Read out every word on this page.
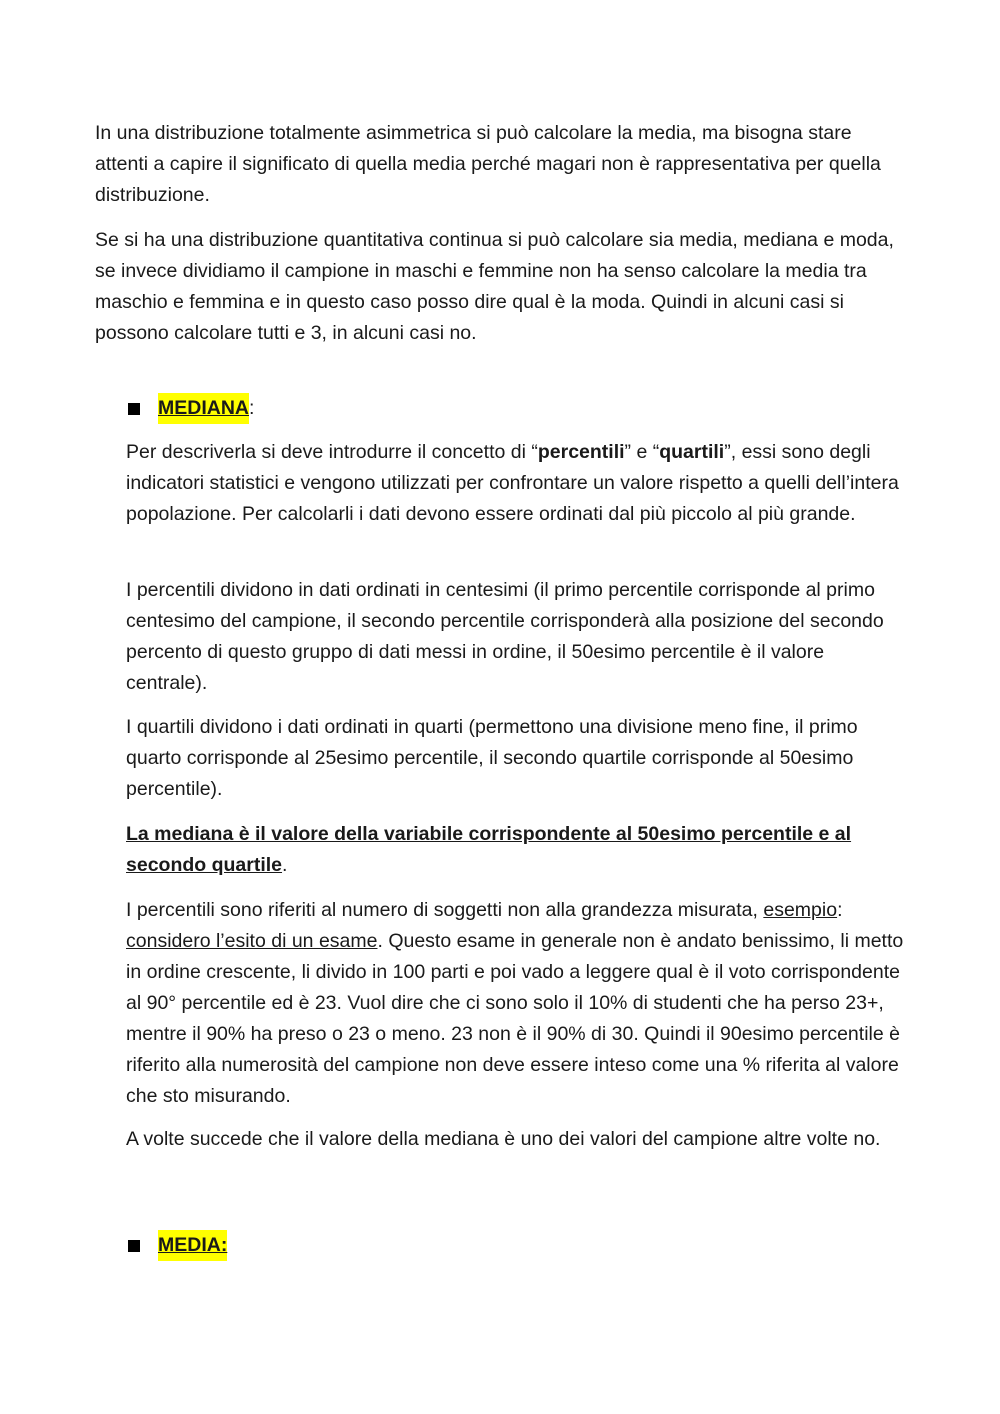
In una distribuzione totalmente asimmetrica si può calcolare la media, ma bisogna stare attenti a capire il significato di quella media perché magari non è rappresentativa per quella distribuzione.

Se si ha una distribuzione quantitativa continua si può calcolare sia media, mediana e moda, se invece dividiamo il campione in maschi e femmine non ha senso calcolare la media tra maschio e femmina e in questo caso posso dire qual è la moda. Quindi in alcuni casi si possono calcolare tutti e 3, in alcuni casi no.

MEDIANA :

Per descriverla si deve introdurre il concetto di “percentili” e “quartili”, essi sono degli indicatori statistici e vengono utilizzati per confrontare un valore rispetto a quelli dell’intera popolazione. Per calcolarli i dati devono essere ordinati dal più piccolo al più grande.

I percentili dividono in dati ordinati in centesimi (il primo percentile corrisponde al primo centesimo del campione, il secondo percentile corrisponderà alla posizione del secondo percento di questo gruppo di dati messi in ordine, il 50esimo percentile è il valore centrale).

I quartili dividono i dati ordinati in quarti (permettono una divisione meno fine, il primo quarto corrisponde al 25esimo percentile, il secondo quartile corrisponde al 50esimo percentile).

La mediana è il valore della variabile corrispondente al 50esimo percentile e al secondo quartile.

I percentili sono riferiti al numero di soggetti non alla grandezza misurata, esempio: considero l’esito di un esame. Questo esame in generale non è andato benissimo, li metto in ordine crescente, li divido in 100 parti e poi vado a leggere qual è il voto corrispondente al 90° percentile ed è 23. Vuol dire che ci sono solo il 10% di studenti che ha perso 23+, mentre il 90% ha preso o 23 o meno. 23 non è il 90% di 30. Quindi il 90esimo percentile è riferito alla numerosità del campione non deve essere inteso come una % riferita al valore che sto misurando.

A volte succede che il valore della mediana è uno dei valori del campione altre volte no.

MEDIA:
